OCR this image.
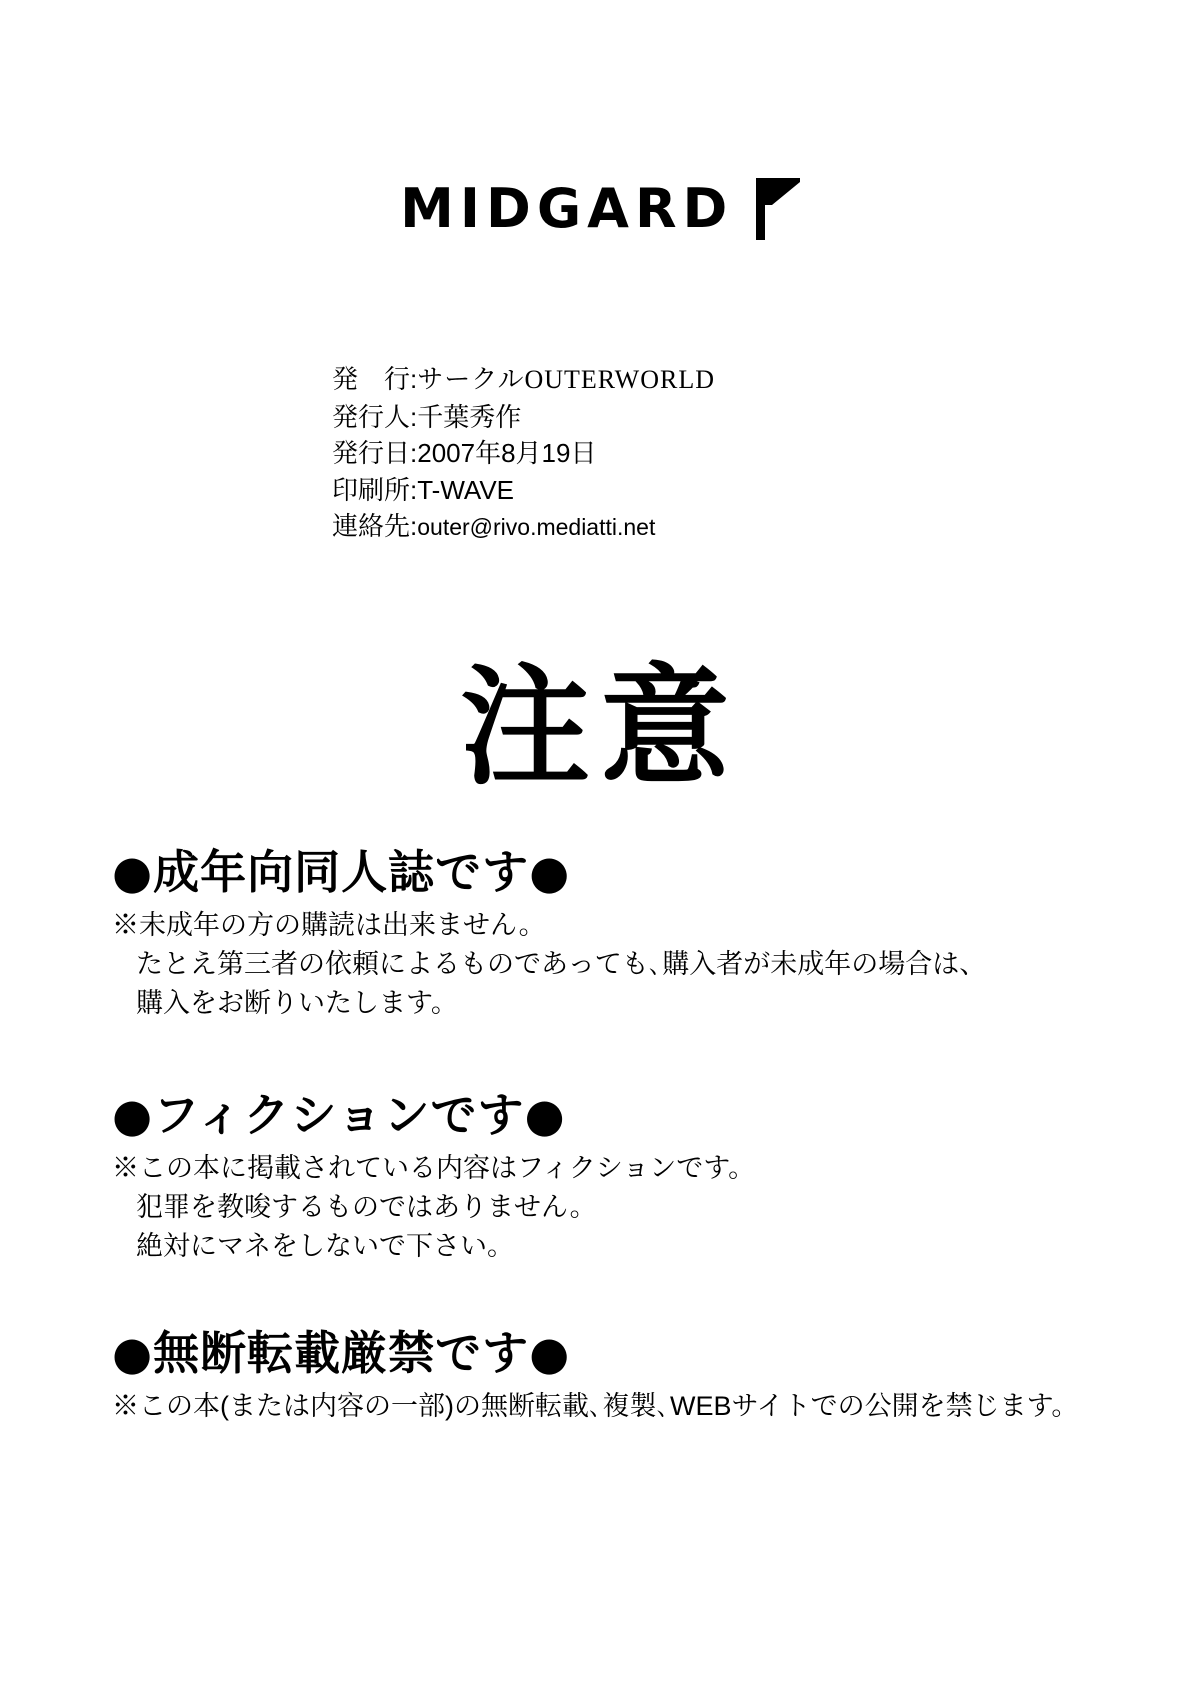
MIDGARD
発　行:サークルOUTERWORLD
発行人:千葉秀作
発行日:2007年8月19日
印刷所:T-WAVE
連絡先:outer@rivo.mediatti.net
注意
●成年向同人誌です●
※未成年の方の購読は出来ません。
たとえ第三者の依頼によるものであっても､購入者が未成年の場合は、
購入をお断りいたします。
●フィクションです●
※この本に掲載されている内容はフィクションです。
犯罪を教唆するものではありません。
絶対にマネをしないで下さい。
●無断転載厳禁です●
※この本(または内容の一部)の無断転載､複製､WEBサイトでの公開を禁じます。
